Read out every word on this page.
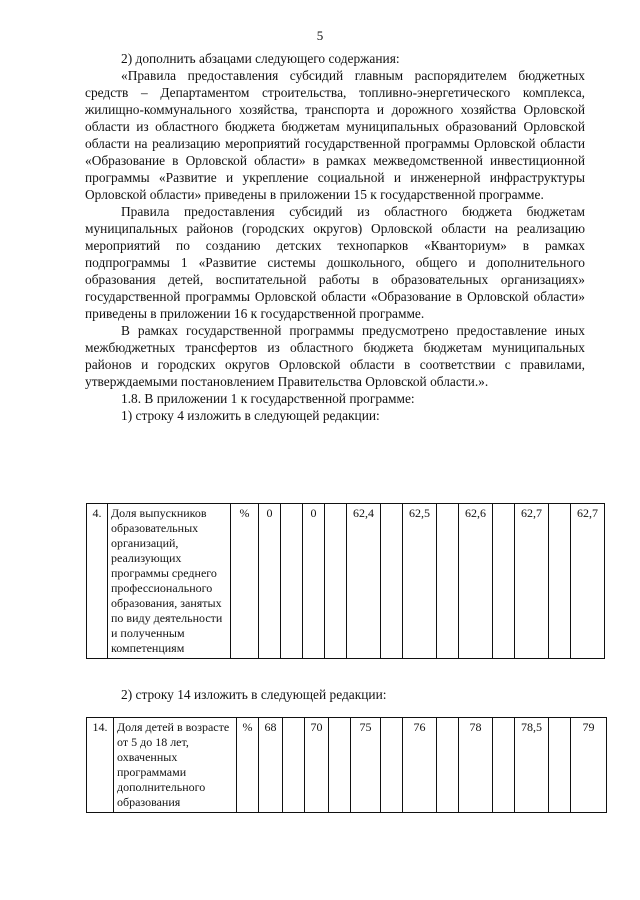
5

2) дополнить абзацами следующего содержания:

«Правила предоставления субсидий главным распорядителем бюджетных средств – Департаментом строительства, топливно-энергетического комплекса, жилищно-коммунального хозяйства, транспорта и дорожного хозяйства Орловской области из областного бюджета бюджетам муниципальных образований Орловской области на реализацию мероприятий государственной программы Орловской области «Образование в Орловской области» в рамках межведомственной инвестиционной программы «Развитие и укрепление социальной и инженерной инфраструктуры Орловской области» приведены в приложении 15 к государственной программе.

Правила предоставления субсидий из областного бюджета бюджетам муниципальных районов (городских округов) Орловской области на реализацию мероприятий по созданию детских технопарков «Кванториум» в рамках подпрограммы 1 «Развитие системы дошкольного, общего и дополнительного образования детей, воспитательной работы в образовательных организациях» государственной программы Орловской области «Образование в Орловской области» приведены в приложении 16 к государственной программе.

В рамках государственной программы предусмотрено предоставление иных межбюджетных трансфертов из областного бюджета бюджетам муниципальных районов и городских округов Орловской области в соответствии с правилами, утверждаемыми постановлением Правительства Орловской области.».

1.8. В приложении 1 к государственной программе:

1) строку 4 изложить в следующей редакции:

4.	Доля выпускников образовательных организаций, реализующих программы среднего профессионального образования, занятых по виду деятельности и полученным компетенциям	%	0		0		62,4		62,5		62,6		62,7		62,7
2) строку 14 изложить в следующей редакции:
14.	Доля детей в возрасте от 5 до 18 лет, охваченных программами дополнительного образования	%	68		70		75		76		78		78,5		79
